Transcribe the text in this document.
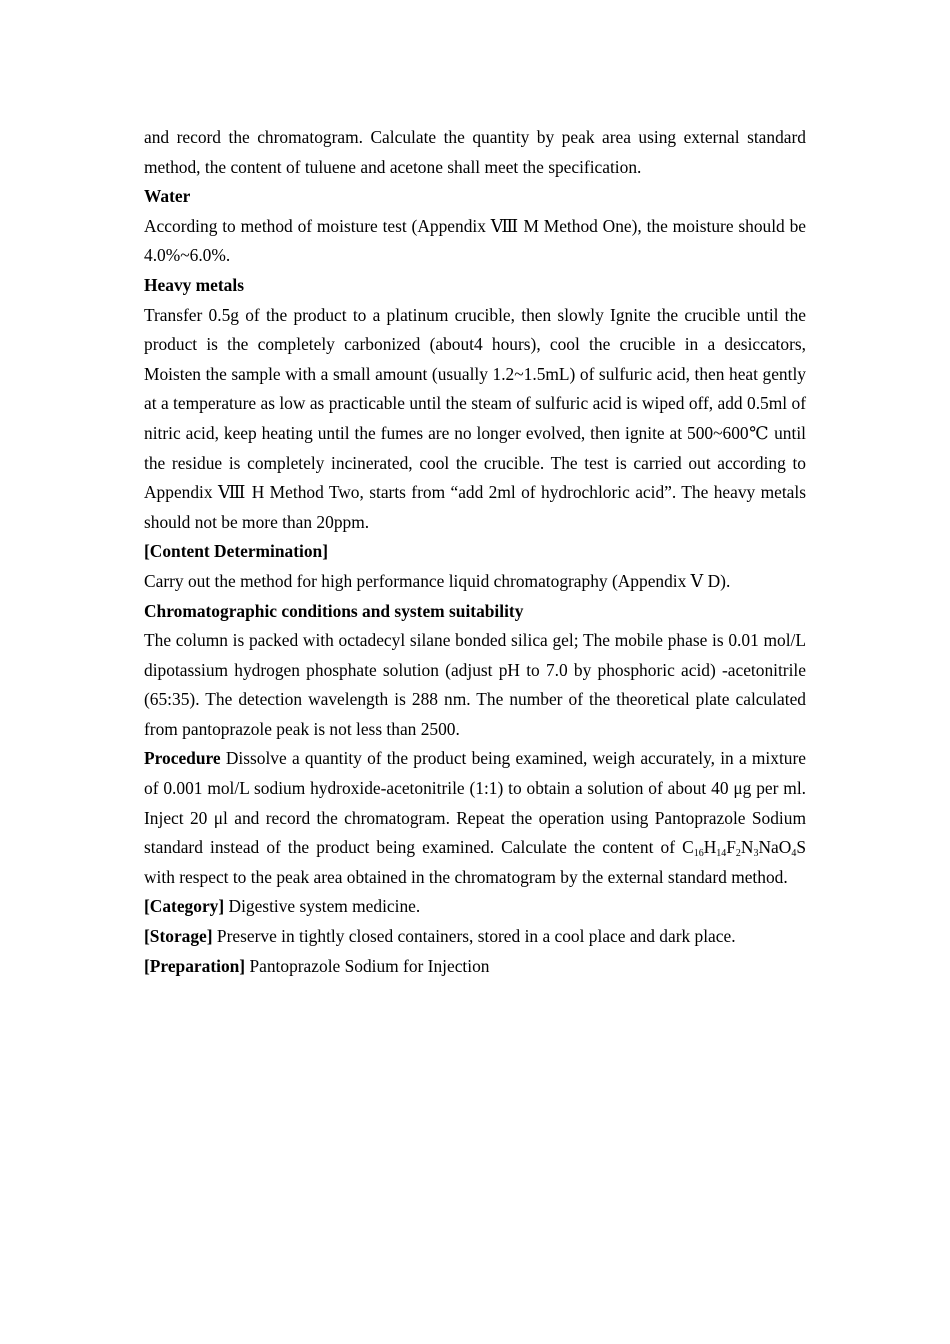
and record the chromatogram. Calculate the quantity by peak area using external standard method, the content of tuluene and acetone shall meet the specification.

Water

According to method of moisture test (Appendix Ⅷ M Method One), the moisture should be 4.0%~6.0%.

Heavy metals

Transfer 0.5g of the product to a platinum crucible, then slowly Ignite the crucible until the product is the completely carbonized (about4 hours), cool the crucible in a desiccators, Moisten the sample with a small amount (usually 1.2~1.5mL) of sulfuric acid, then heat gently at a temperature as low as practicable until the steam of sulfuric acid is wiped off, add 0.5ml of nitric acid, keep heating until the fumes are no longer evolved, then ignite at 500~600℃ until the residue is completely incinerated, cool the crucible. The test is carried out according to Appendix Ⅷ H Method Two, starts from “add 2ml of hydrochloric acid”. The heavy metals should not be more than 20ppm.

[Content Determination]

Carry out the method for high performance liquid chromatography (Appendix Ⅴ D).

Chromatographic conditions and system suitability

The column is packed with octadecyl silane bonded silica gel; The mobile phase is 0.01 mol/L dipotassium hydrogen phosphate solution (adjust pH to 7.0 by phosphoric acid) -acetonitrile (65:35). The detection wavelength is 288 nm. The number of the theoretical plate calculated from pantoprazole peak is not less than 2500.

Procedure Dissolve a quantity of the product being examined, weigh accurately, in a mixture of 0.001 mol/L sodium hydroxide-acetonitrile (1:1) to obtain a solution of about 40 μg per ml. Inject 20 μl and record the chromatogram. Repeat the operation using Pantoprazole Sodium standard instead of the product being examined. Calculate the content of $C_{16}H_{14}F_2N_3NaO_4S$ with respect to the peak area obtained in the chromatogram by the external standard method.

[Category] Digestive system medicine.

[Storage] Preserve in tightly closed containers, stored in a cool place and dark place.

[Preparation] Pantoprazole Sodium for Injection
